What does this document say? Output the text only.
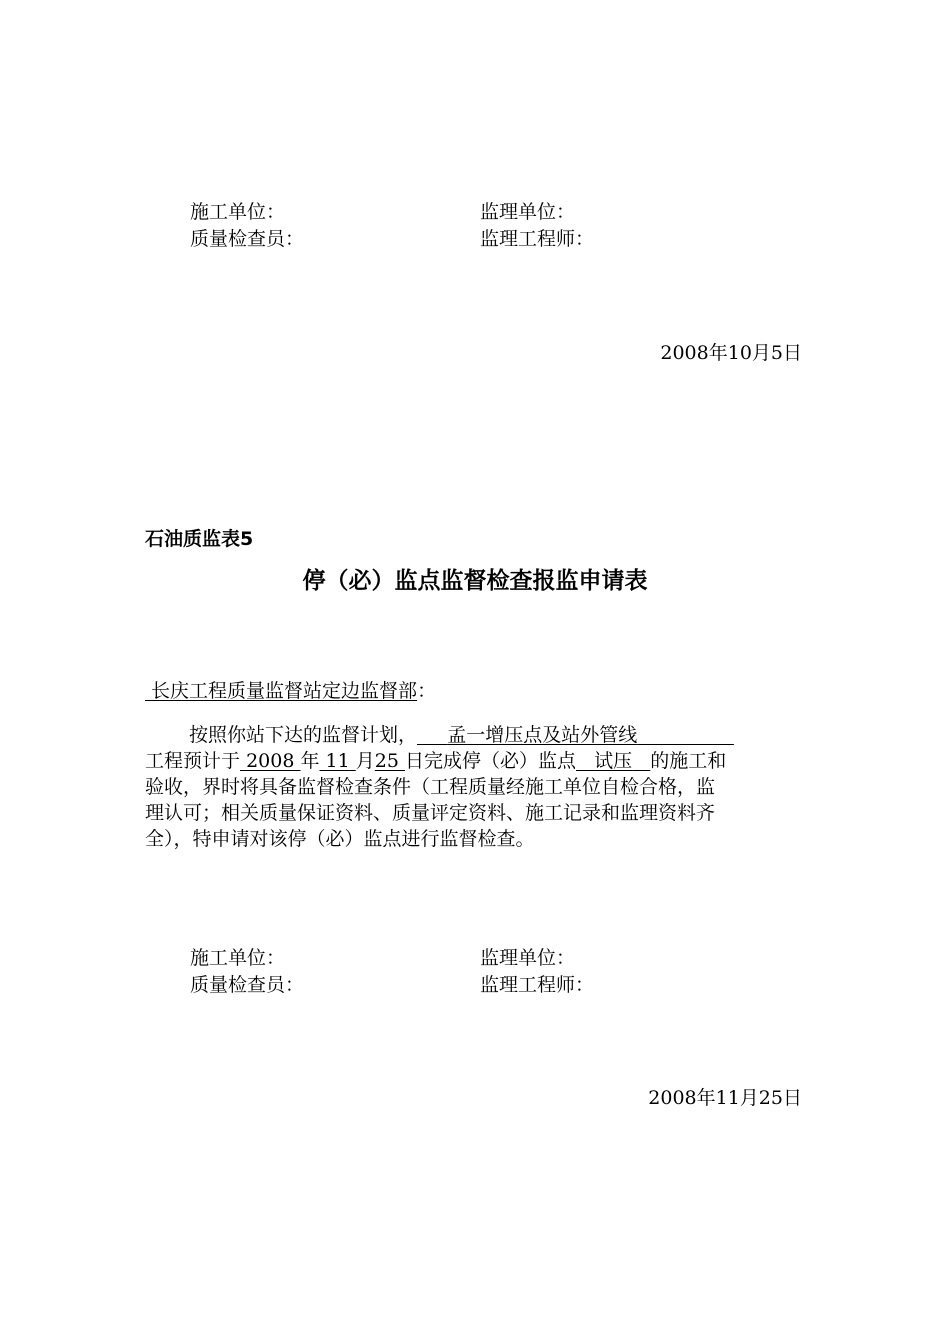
施工单位：	监理单位：
质量检查员：	监理工程师：
2008年10月5日
石油质监表5
停（必）监点监督检查报监申请表
长庆工程质量监督站定边监督部：
按照你站下达的监督计划， 孟一增压点及站外管线
工程预计于 2008 年 11 月25 日完成停（必）监点 试压 的施工和
验收，界时将具备监督检查条件（工程质量经施工单位自检合格，监
理认可；相关质量保证资料、质量评定资料、施工记录和监理资料齐
全），特申请对该停（必）监点进行监督检查。
施工单位：	监理单位：
质量检查员：	监理工程师：
2008年11月25日
